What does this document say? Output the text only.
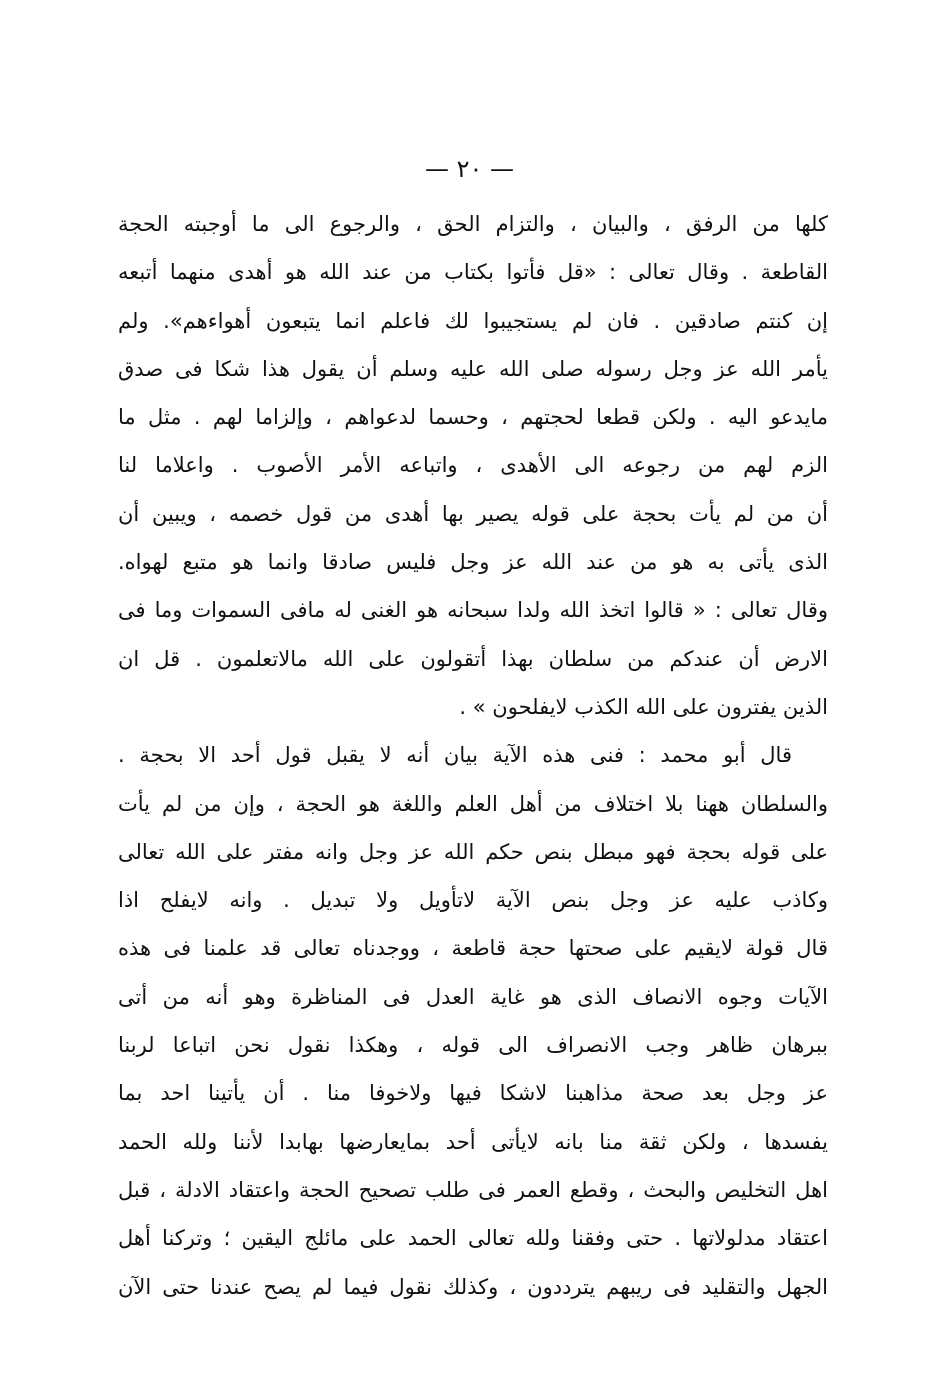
— ٢٠ —
كلها من الرفق ، والبيان ، والتزام الحق ، والرجوع الى ما أوجبته الحجة
القاطعة . وقال تعالى : «قل فأتوا بكتاب من عند الله هو أهدى منهما أتبعه
إن كنتم صادقين . فان لم يستجيبوا لك فاعلم انما يتبعون أهواءهم». ولم
يأمر الله عز وجل رسوله صلى الله عليه وسلم أن يقول هذا شكا فى صدق
مايدعو اليه . ولكن قطعا لحجتهم ، وحسما لدعواهم ، وإلزاما لهم . مثل ما
الزم لهم من رجوعه الى الأهدى ، واتباعه الأمر الأصوب . واعلاما لنا
أن من لم يأت بحجة على قوله يصير بها أهدى من قول خصمه ، ويبين أن
الذى يأتى به هو من عند الله عز وجل فليس صادقا وانما هو متبع لهواه.
وقال تعالى : « قالوا اتخذ الله ولدا سبحانه هو الغنى له مافى السموات وما فى
الارض أن عندكم من سلطان بهذا أتقولون على الله مالاتعلمون . قل ان
الذين يفترون على الله الكذب لايفلحون » .
قال أبو محمد : فنى هذه الآية بيان أنه لا يقبل قول أحد الا بحجة .
والسلطان ههنا بلا اختلاف من أهل العلم واللغة هو الحجة ، وإن من لم يأت
على قوله بحجة فهو مبطل بنص حكم الله عز وجل وانه مفتر على الله تعالى
وكاذب عليه عز وجل بنص الآية لاتأويل ولا تبديل . وانه لايفلح اذا
قال قولة لايقيم على صحتها حجة قاطعة ، ووجدناه تعالى قد علمنا فى هذه
الآيات وجوه الانصاف الذى هو غاية العدل فى المناظرة وهو أنه من أتى
ببرهان ظاهر وجب الانصراف الى قوله ، وهكذا نقول نحن اتباعا لربنا
عز وجل بعد صحة مذاهبنا لاشكا فيها ولاخوفا منا . أن يأتينا احد بما
يفسدها ، ولكن ثقة منا بانه لايأتى أحد بمايعارضها بهابدا لأننا ولله الحمد
اهل التخليص والبحث ، وقطع العمر فى طلب تصحيح الحجة واعتقاد الادلة ، قبل
اعتقاد مدلولاتها . حتى وفقنا ولله تعالى الحمد على مائلج اليقين ؛ وتركنا أهل
الجهل والتقليد فى ريبهم يترددون ، وكذلك نقول فيما لم يصح عندنا حتى الآن
